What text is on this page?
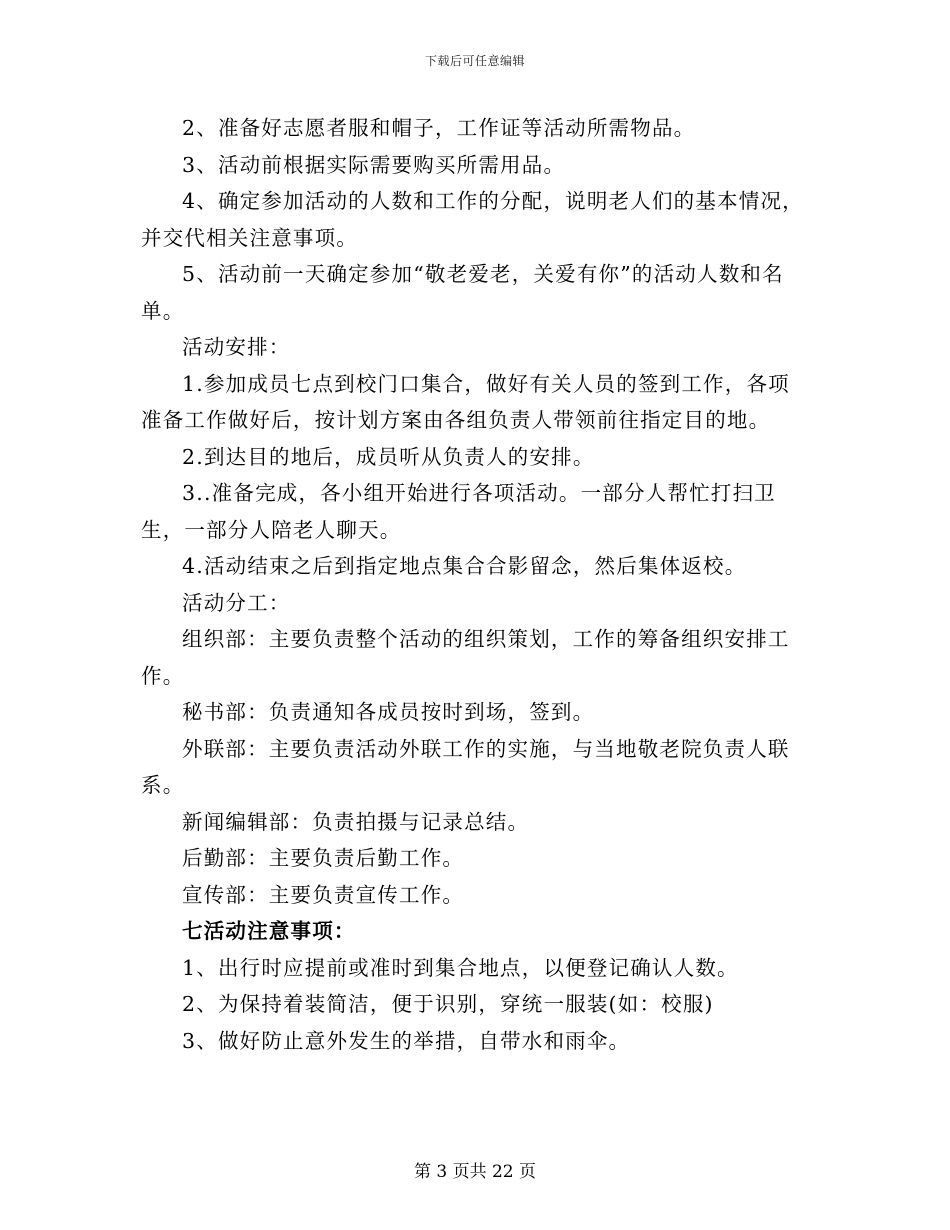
下载后可任意编辑

2、准备好志愿者服和帽子，工作证等活动所需物品。

3、活动前根据实际需要购买所需用品。

4、确定参加活动的人数和工作的分配，说明老人们的基本情况，并交代相关注意事项。

5、活动前一天确定参加“敬老爱老，关爱有你”的活动人数和名单。

活动安排：

1.参加成员七点到校门口集合，做好有关人员的签到工作，各项准备工作做好后，按计划方案由各组负责人带领前往指定目的地。

2.到达目的地后，成员听从负责人的安排。

3..准备完成，各小组开始进行各项活动。一部分人帮忙打扫卫生，一部分人陪老人聊天。

4.活动结束之后到指定地点集合合影留念，然后集体返校。

活动分工：

组织部：主要负责整个活动的组织策划，工作的筹备组织安排工作。

秘书部：负责通知各成员按时到场，签到。

外联部：主要负责活动外联工作的实施，与当地敬老院负责人联系。

新闻编辑部：负责拍摄与记录总结。

后勤部：主要负责后勤工作。

宣传部：主要负责宣传工作。

七活动注意事项：

1、出行时应提前或准时到集合地点，以便登记确认人数。

2、为保持着装简洁，便于识别，穿统一服装(如：校服)

3、做好防止意外发生的举措，自带水和雨伞。

第 3 页共 22 页
